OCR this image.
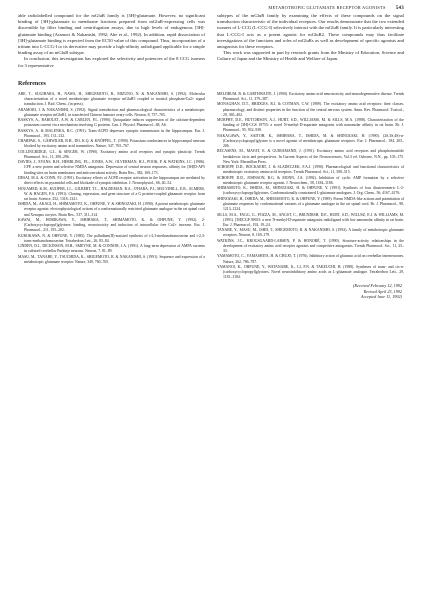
METABOTROPIC GLUTAMATE RECEPTOR AGONISTS 543

able radiolabelled compound for the mGluR family is [3H]-glutamate. However, no significant binding of [3H]-glutamate to membrane fractions prepared from mGluR-expressing cells was discernible by filter binding and centrifugation assays, due to high levels of endogenous [3H]-glutamate binding (Aramori & Nakanishi, 1992; Abe et al., 1992). In addition, rapid dissociation of [3H]-glutamate binding is expected from the EC50 value of this compound. Thus, incorporation of a tritium into L-CCG-I or its derivative may provide a high-affinity radioligand applicable for a simple binding assay of an mGluR subtype.

In conclusion, this investigation has explored the selectivity and potencies of the 8 CCG isomers for 3 representative

subtypes of the mGluR family by examining the effects of these compounds on the signal transduction characteristic of the individual receptors. Our results demonstrate that the two extended isomers of L-CCG (L-CCG-I) selectively interact with the mGluR family. It is particularly interesting that L-CCG-I acts as a potent agonist for mGluR2. These compounds may thus facilitate investigations of the functions and roles of mGluRs as well as development of specific agonists and antagonists for these receptors.

This work was supported in part by research grants from the Ministry of Education, Science and Culture of Japan and the Ministry of Health and Welfare of Japan.

References

ABE, T., SUGIHARA, H., NAWA, H., SHIGEMOTO, R., MIZUNO, N. & NAKANISHI, S. (1992). Molecular characterization of a novel metabotropic glutamate receptor mGluR5 coupled to inositol phosphate/Ca2+ signal transduction. J. Biol. Chem., (in press).

ARAMORI, I. & NAKANISHI, S. (1992). Signal transduction and pharmacological characteristics of a metabotropic glutamate receptor mGluR1, in transfected Chinese hamster ovary cells. Neuron, 8, 757–765.

BASKYS, A., BAROLET, A.W. & CARLEN, P.L. (1990). Quisqualate induces suppression of the calcium-dependent potassium current via a mechanism involving G proteins. Can. J. Physiol. Pharmacol., 68, A6.

BASKYS, A. & MALENKA, R.C. (1991). Trans-ACPD depresses synaptic transmission in the hippocampus. Eur. J. Pharmacol., 193, 131–132.

CHARPAK, S., GÄHWILER, B.H., DO, K.Q. & KNÖPFEL, T. (1990). Potassium conductances in hippocampal neurons blocked by excitatory amino-acid transmitters. Nature, 347, 765–767.

COLLINGRIDGE, G.L. & SINGER, W. (1990). Excitatory amino acid receptors and synaptic plasticity. Trends Pharmacol. Sci., 11, 290–296.

DAVIES, J., EVANS, R.H., HERRLING, P.L., JONES, A.W., OLVERMAN, H.J., POOK, P. & WATKINS, J.C. (1986). CPP, a new potent and selective NMDA antagonist. Depression of central neuron responses, affinity for [3H]D-AP5 binding sites on brain membranes and anticonvulsant activity. Brain Res., 382, 169–173.

DESAI, M.A. & CONN, P.J. (1991). Excitatory effects of ACPD receptor activation in the hippocampus are mediated by direct effects on pyramidal cells and blockade of synaptic inhibition. J. Neurophysiol., 66, 40–52.

HOUAMED, K.M., KUIJPER, J.L., GILBERT, T.L., HALDEMAN, B.A., O'HARA, P.J., MULVIHILL, E.R., ALMERS, W. & HAGEN, F.S. (1991). Cloning, expression, and gene structure of a G protein-coupled glutamate receptor from rat brain. Science, 252, 1318–1321.

ISHIDA, M., AKAGI, H., SHIMAMOTO, K., OHFUNE, Y. & SHINOZAKI, H. (1990). A potent metabotropic glutamate receptor agonist: electrophysiological actions of a conformationally restricted glutamate analogue in the rat spinal cord and Xenopus oocytes. Brain Res., 537, 311–314.

KAWAI, M., HORIKAWA, Y., ISHIHARA, T., SHIMAMOTO, K. & OHFUNE, Y. (1992). 2-(Carboxycyclopropyl)glycines: binding, neurotoxicity and induction of intracellular free Ca2+ increase. Eur. J. Pharmacol., 211, 195–202.

KUROKAWA, N. & OHFUNE, Y. (1985). The palladium(II)-assisted synthesis of t-2,3-methanohomoserine and t-2,3-trans-methanohomoserine. Tetrahedron Lett., 26, 83–84.

LINDEN, D.J., DICKINSON, M.H., SMEYNE, M. & CONNOR, J.A. (1991). A long-term depression of AMPA currents in cultured cerebellar Purkinje neurons. Neuron, 7, 81–89.

MASU, M., TANABE, Y., TSUCHIDA, K., SHIGEMOTO, R. & NAKANISHI, S. (1991). Sequence and expression of a metabotropic glutamate receptor. Nature, 349, 760–765.

MELDRUM, B. & GARTHWAITE, J. (1990). Excitatory amino acid neurotoxicity and neurodegenerative disease. Trends Pharmacol. Sci., 11, 379–387.

MONAGHAN, D.T., BRIDGES, R.J. & COTMAN, C.W. (1989). The excitatory amino acid receptors: their classes, pharmacology, and distinct properties in the function of the central nervous system. Annu. Rev. Pharmacol. Toxicol., 29, 365–402.

MURPHY, D.E., HUTCHISON, A.J., HURT, S.D., WILLIAMS, M. & SILLS, M.A. (1988). Characterization of the binding of [3H]-CGS 19755: a novel N-methyl-D-aspartate antagonist with nanomolar affinity in rat brain. Br. J. Pharmacol., 95, 932–938.

NAKAGAWA, Y., SAITOH, K., ISHIHARA, T., ISHIDA, M. & SHINOZAKI, H. (1990). (2S,3S,4S)-α-(Carboxycyclopropyl)glycine is a novel agonist of metabotropic glutamate receptors. Eur. J. Pharmacol., 184, 205–206.

RECASENS, M., MAYAT, E. & GUIRAMAND, J. (1991). Excitatory amino acid receptors and phosphoinositide breakdown: facts and perspectives. In Current Aspects of the Neurosciences, Vol.3 ed. Osborne, N.N., pp. 103–175. New York: Macmillan Press.

SCHOEPP, D.D., BOCKAERT, J. & SLADECZEK, F.A.J. (1990). Pharmacological and functional characteristics of metabotropic excitatory amino acid receptors. Trends Pharmacol. Sci., 11, 508–515.

SCHOEPP, D.D., JOHNSON, B.G. & MONN, J.A. (1992). Inhibition of cyclic AMP formation by a selective metabotropic glutamate receptor agonist. J. Neurochem., 58, 1184–1186.

SHIMAMOTO, K., ISHIDA, M., SHINOZAKI, H. & OHFUNE, Y. (1991). Synthesis of four diastereomeric L-2-(carboxycyclopropyl)glycines. Conformationally constrained L-glutamate analogues. J. Org. Chem., 56, 4167–4176.

SHINOZAKI, H., ISHIDA, M., SHIMAMOTO, K. & OHFUNE, Y. (1989). Potent NMDA-like actions and potentiation of glutamate responses by conformational variants of a glutamate analogue in the rat spinal cord. Br. J. Pharmacol., 98, 1213–1224.

SILLS, M.A., FAGG, G., POZZA, M., ANGST, C., BRUNDISH, D.E., HURT, S.D., WILUSZ, E.J. & WILLIAMS, M. (1991). [3H]CGP 39653: a new N-methyl-D-aspartate antagonist radioligand with low nanomolar affinity in rat brain. Eur. J. Pharmacol., 192, 19–24.

TANABE, Y., MASU, M., ISHII, T., SHIGEMOTO, R. & NAKANISHI, S. (1992). A family of metabotropic glutamate receptors. Neuron, 8, 169–179.

WATKINS, J.C., KROGSGAARD-LARSEN, P. & HONORÉ, T. (1990). Structure-activity relationships in the development of excitatory amino acid receptor agonists and competitive antagonists. Trends Pharmacol. Sci., 11, 25–33.

YAMAMOTO, C., YAMASHITA, H. & CHUJO, T. (1976). Inhibitory action of glutamic acid on cerebellar interneurones. Nature, 262, 786–787.

YAMANOI, K., OHFUNE, Y., WATANABE, K., LI, P.N. & TAKEUCHI, H. (1988). Syntheses of trans- and cis-α-(carboxycyclopropyl)glycines. Novel neuroinhibitory amino acids as L-glutamate analogue. Tetrahedron Lett., 29, 1181–1184.

(Received February 12, 1992
Revised April 23, 1992
Accepted June 11, 1992)
